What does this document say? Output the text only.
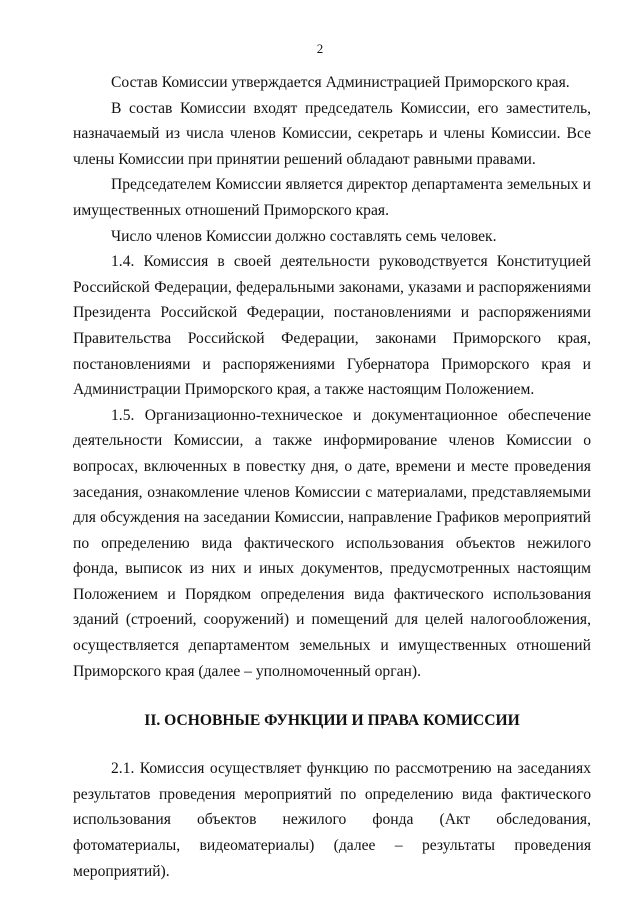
2

Состав Комиссии утверждается Администрацией Приморского края.

В состав Комиссии входят председатель Комиссии, его заместитель, назначаемый из числа членов Комиссии, секретарь и члены Комиссии. Все члены Комиссии при принятии решений обладают равными правами.

Председателем Комиссии является директор департамента земельных и имущественных отношений Приморского края.

Число членов Комиссии должно составлять семь человек.

1.4. Комиссия в своей деятельности руководствуется Конституцией Российской Федерации, федеральными законами, указами и распоряжениями Президента Российской Федерации, постановлениями и распоряжениями Правительства Российской Федерации, законами Приморского края, постановлениями и распоряжениями Губернатора Приморского края и Администрации Приморского края, а также настоящим Положением.

1.5. Организационно-техническое и документационное обеспечение деятельности Комиссии, а также информирование членов Комиссии о вопросах, включенных в повестку дня, о дате, времени и месте проведения заседания, ознакомление членов Комиссии с материалами, представляемыми для обсуждения на заседании Комиссии, направление Графиков мероприятий по определению вида фактического использования объектов нежилого фонда, выписок из них и иных документов, предусмотренных настоящим Положением и Порядком определения вида фактического использования зданий (строений, сооружений) и помещений для целей налогообложения, осуществляется департаментом земельных и имущественных отношений Приморского края (далее – уполномоченный орган).

II. ОСНОВНЫЕ ФУНКЦИИ И ПРАВА КОМИССИИ

2.1. Комиссия осуществляет функцию по рассмотрению на заседаниях результатов проведения мероприятий по определению вида фактического использования объектов нежилого фонда (Акт обследования, фотоматериалы, видеоматериалы) (далее – результаты проведения мероприятий).
